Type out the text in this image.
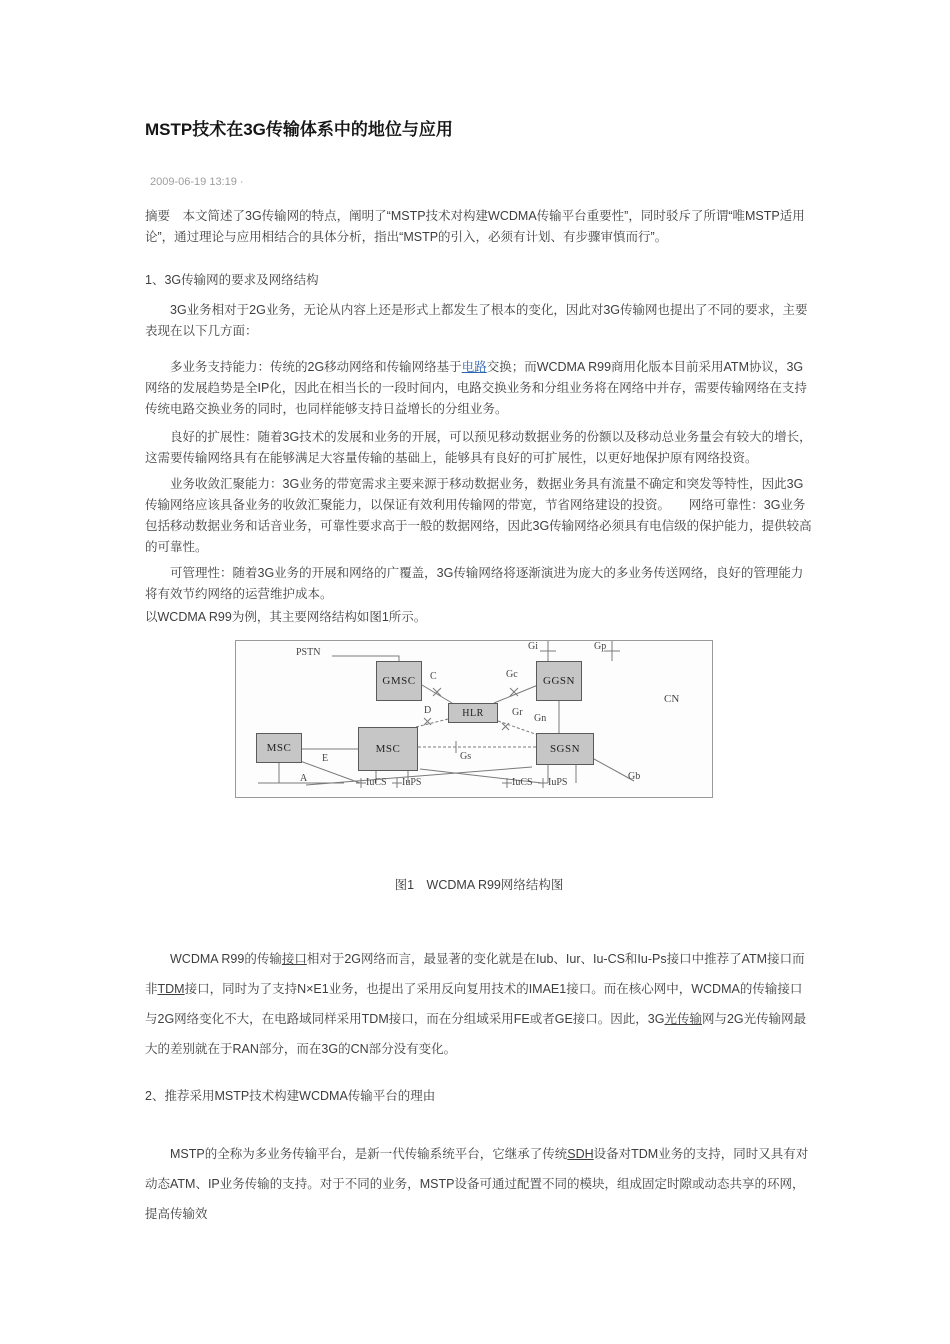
MSTP技术在3G传输体系中的地位与应用
2009-06-19 13:19 ·

摘要　本文简述了3G传输网的特点，阐明了“MSTP技术对构建WCDMA传输平台重要性”，同时驳斥了所谓“唯MSTP适用论”，通过理论与应用相结合的具体分析，指出“MSTP的引入，必须有计划、有步骤审慎而行”。

1、3G传输网的要求及网络结构

3G业务相对于2G业务，无论从内容上还是形式上都发生了根本的变化，因此对3G传输网也提出了不同的要求，主要表现在以下几方面：

多业务支持能力：传统的2G移动网络和传输网络基于电路交换；而WCDMA R99商用化版本目前采用ATM协议，3G网络的发展趋势是全IP化，因此在相当长的一段时间内，电路交换业务和分组业务将在网络中并存，需要传输网络在支持传统电路交换业务的同时，也同样能够支持日益增长的分组业务。

良好的扩展性：随着3G技术的发展和业务的开展，可以预见移动数据业务的份额以及移动总业务量会有较大的增长，这需要传输网络具有在能够满足大容量传输的基础上，能够具有良好的可扩展性，以更好地保护原有网络投资。

业务收敛汇聚能力：3G业务的带宽需求主要来源于移动数据业务，数据业务具有流量不确定和突发等特性，因此3G传输网络应该具备业务的收敛汇聚能力，以保证有效利用传输网的带宽，节省网络建设的投资。　　网络可靠性：3G业务包括移动数据业务和话音业务，可靠性要求高于一般的数据网络，因此3G传输网络必须具有电信级的保护能力，提供较高的可靠性。

可管理性：随着3G业务的开展和网络的广覆盖，3G传输网络将逐渐演进为庞大的多业务传送网络，良好的管理能力将有效节约网络的运营维护成本。

以WCDMA R99为例，其主要网络结构如图1所示。

PSTN
GMSC	GGSN
HLR
MSC	MSC	SGSN
CN
Gi	Gp
C	Gc
D	Gr
Gn
E
A
Gs
Gb
IuCS IuPS	IuCS IuPS
图1　WCDMA R99网络结构图

WCDMA R99的传输接口相对于2G网络而言，最显著的变化就是在Iub、Iur、Iu-CS和Iu-Ps接口中推荐了ATM接口而非TDM接口，同时为了支持N×E1业务，也提出了采用反向复用技术的IMAE1接口。而在核心网中，WCDMA的传输接口与2G网络变化不大，在电路域同样采用TDM接口，而在分组域采用FE或者GE接口。因此，3G光传输网与2G光传输网最大的差别就在于RAN部分，而在3G的CN部分没有变化。

2、推荐采用MSTP技术构建WCDMA传输平台的理由

MSTP的全称为多业务传输平台，是新一代传输系统平台，它继承了传统SDH设备对TDM业务的支持，同时又具有对动态ATM、IP业务传输的支持。对于不同的业务，MSTP设备可通过配置不同的模块，组成固定时隙或动态共享的环网，提高传输效
